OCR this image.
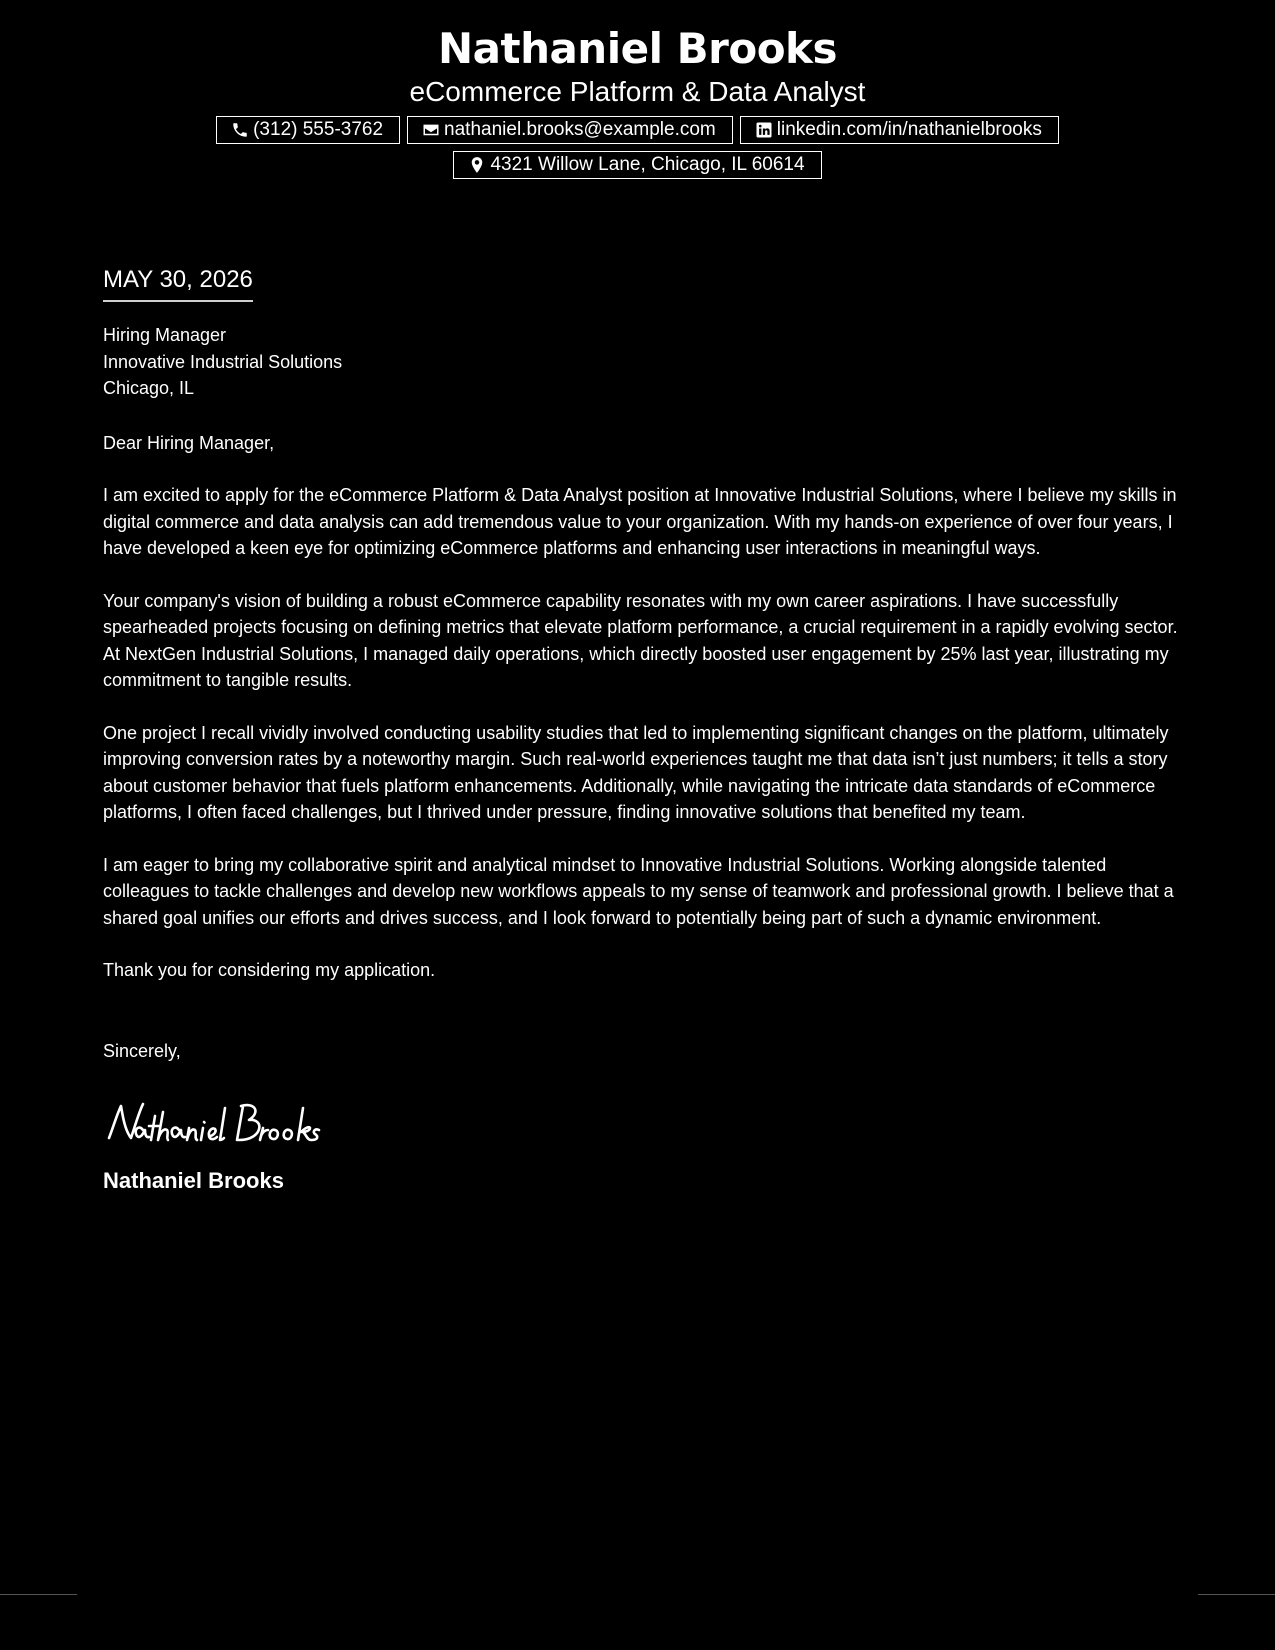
Nathaniel Brooks

eCommerce Platform & Data Analyst

(312) 555-3762	nathaniel.brooks@example.com	linkedin.com/in/nathanielbrooks
4321 Willow Lane, Chicago, IL 60614
MAY 30, 2026

Hiring Manager

Innovative Industrial Solutions

Chicago, IL

Dear Hiring Manager,

I am excited to apply for the eCommerce Platform & Data Analyst position at Innovative Industrial Solutions, where I believe my skills in digital commerce and data analysis can add tremendous value to your organization. With my hands-on experience of over four years, I have developed a keen eye for optimizing eCommerce platforms and enhancing user interactions in meaningful ways.

Your company's vision of building a robust eCommerce capability resonates with my own career aspirations. I have successfully spearheaded projects focusing on defining metrics that elevate platform performance, a crucial requirement in a rapidly evolving sector. At NextGen Industrial Solutions, I managed daily operations, which directly boosted user engagement by 25% last year, illustrating my commitment to tangible results.

One project I recall vividly involved conducting usability studies that led to implementing significant changes on the platform, ultimately improving conversion rates by a noteworthy margin. Such real-world experiences taught me that data isn’t just numbers; it tells a story about customer behavior that fuels platform enhancements. Additionally, while navigating the intricate data standards of eCommerce platforms, I often faced challenges, but I thrived under pressure, finding innovative solutions that benefited my team.

I am eager to bring my collaborative spirit and analytical mindset to Innovative Industrial Solutions. Working alongside talented colleagues to tackle challenges and develop new workflows appeals to my sense of teamwork and professional growth. I believe that a shared goal unifies our efforts and drives success, and I look forward to potentially being part of such a dynamic environment.

Thank you for considering my application.

Sincerely,

Nathaniel Brooks
